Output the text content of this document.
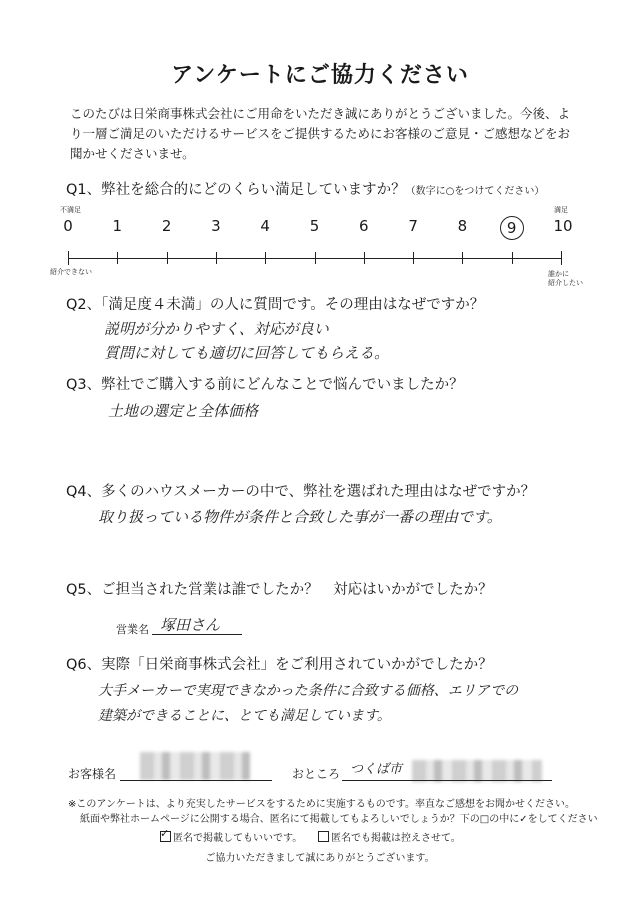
アンケートにご協力ください
このたびは日栄商事株式会社にご用命をいただき誠にありがとうございました。今後、より一層ご満足のいただけるサービスをご提供するためにお客様のご意見・ご感想などをお聞かせくださいませ。
Q1、弊社を総合的にどのくらい満足していますか？（数字に○をつけてください）
不満足	満足
0	1	2	3	4	5	6	7	8	9	10
紹介できない	誰かに
紹介したい
Q2、「満足度４未満」の人に質問です。その理由はなぜですか？
説明が分かりやすく、対応が良い
質問に対しても適切に回答してもらえる。
Q3、弊社でご購入する前にどんなことで悩んでいましたか？
土地の選定と全体価格
Q4、多くのハウスメーカーの中で、弊社を選ばれた理由はなぜですか？
取り扱っている物件が条件と合致した事が一番の理由です。
Q5、ご担当された営業は誰でしたか？　対応はいかがでしたか？
営業名 塚田さん
Q6、実際「日栄商事株式会社」をご利用されていかがでしたか？
大手メーカーで実現できなかった条件に合致する価格、エリアでの
建築ができることに、とても満足しています。
お客様名	おところ つくば市
※このアンケートは、より充実したサービスをするために実施するものです。率直なご感想をお聞かせください。
紙面や弊社ホームページに公開する場合、匿名にて掲載してもよろしいでしょうか？下の□の中に✓をしてください
✓匿名で掲載してもいいです。	匿名でも掲載は控えさせて。
ご協力いただきまして誠にありがとうございます。
